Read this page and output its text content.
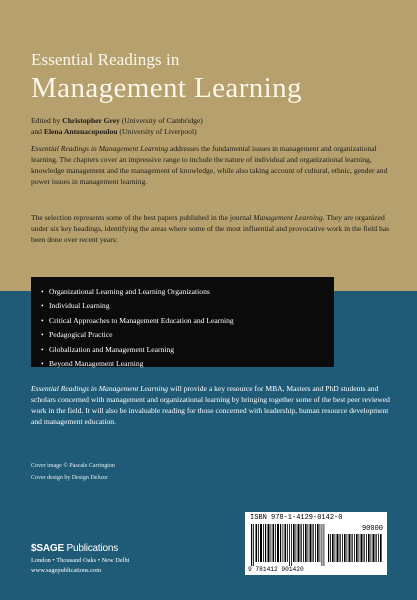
Essential Readings in
Management Learning
Edited by Christopher Grey (University of Cambridge)
and Elena Antonacopoulou (University of Liverpool)
Essential Readings in Management Learning addresses the fundamental issues in management and organizational learning. The chapters cover an impressive range to include the nature of individual and organizational learning, knowledge management and the management of knowledge, while also taking account of cultural, ethnic, gender and power issues in management learning.
The selection represents some of the best papers published in the journal Management Learning. They are organized under six key headings, identifying the areas where some of the most influential and provocative work in the field has been done over recent years:
• Organizational Learning and Learning Organizations
• Individual Learning
• Critical Approaches to Management Education and Learning
• Pedagogical Practice
• Globalization and Management Learning
• Beyond Management Learning
Essential Readings in Management Learning will provide a key resource for MBA, Masters and PhD students and scholars concerned with management and organizational learning by bringing together some of the best peer reviewed work in the field. It will also be invaluable reading for those concerned with leadership, human resource development and management education.
Cover image © Pascale Carrington
Cover design by Design Deluxe
ISBN 978-1-4129-0142-0
90000
9 781412 901420
$SAGE Publications
London • Thousand Oaks • New Delhi
www.sagepublications.com
